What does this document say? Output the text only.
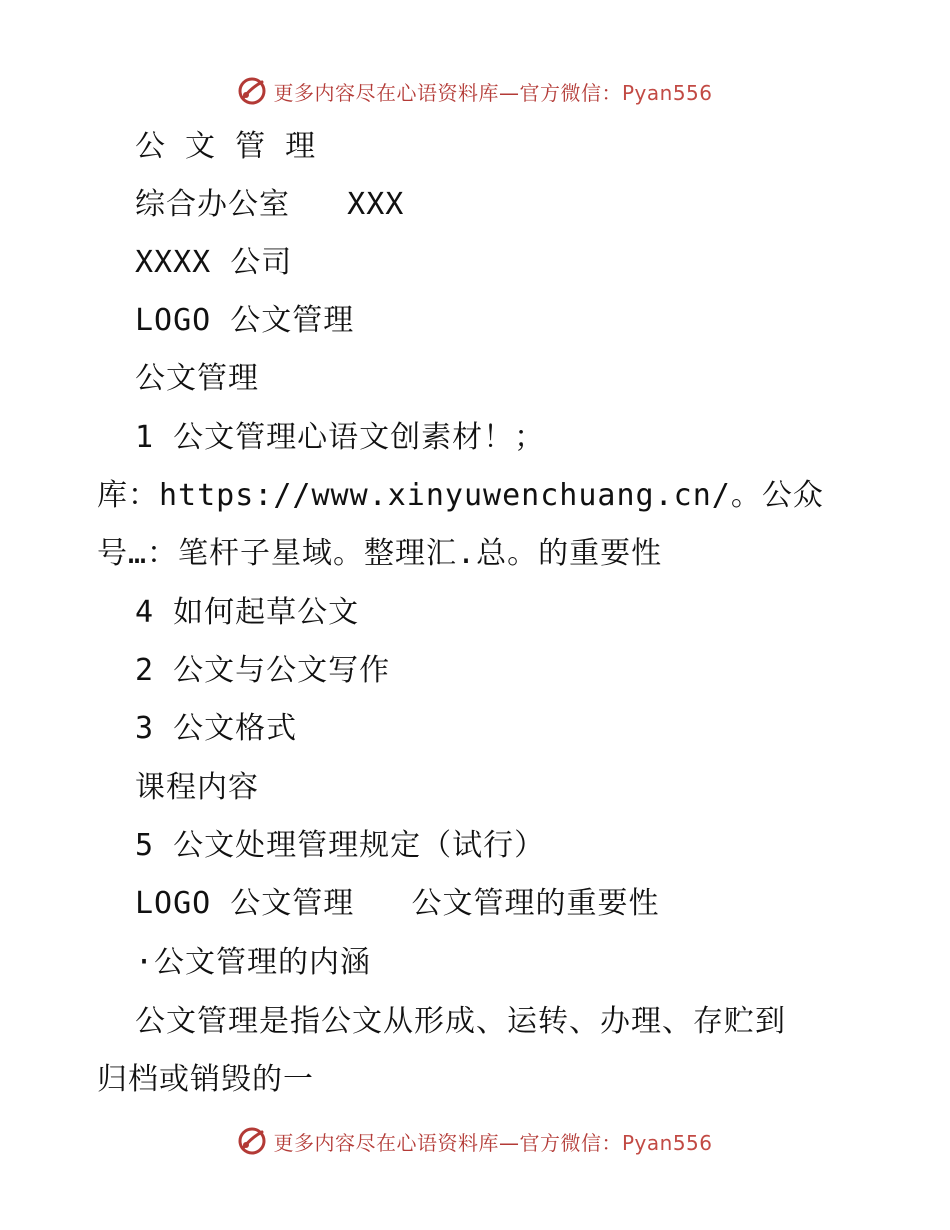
更多内容尽在心语资料库—官方微信：Pyan556
公 文 管 理
综合办公室   XXX
XXXX 公司
LOGO 公文管理
公文管理
1 公文管理心语文创素材！；
库：https://www.xinyuwenchuang.cn/。公众
号…：笔杆子星域。整理汇.总。的重要性
4 如何起草公文
2 公文与公文写作
3 公文格式
课程内容
5 公文处理管理规定（试行）
LOGO 公文管理   公文管理的重要性
·公文管理的内涵
公文管理是指公文从形成、运转、办理、存贮到
归档或销毁的一
更多内容尽在心语资料库—官方微信：Pyan556
